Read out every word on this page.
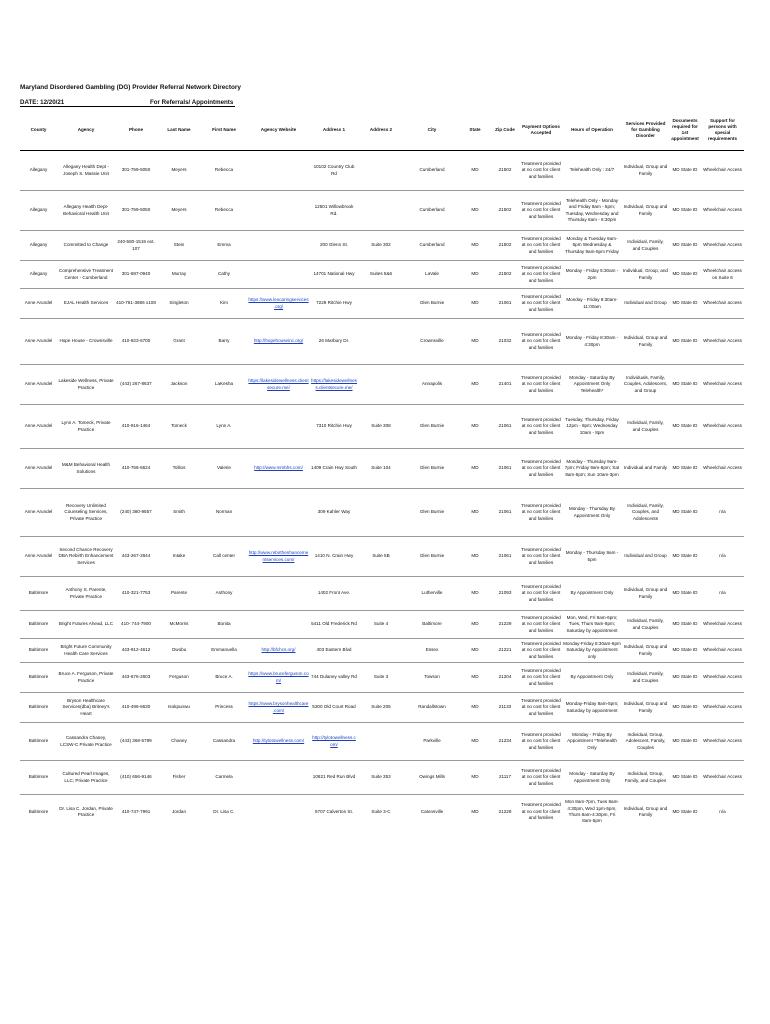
Maryland Disordered Gambling (DG) Provider Referral Network Directory
DATE: 12/20/21	For Referrals/ Appointments
County	Agency	Phone	Last Name	First Name	Agency Website	Address 1	Address 2	City	State	Zip Code	Payment Options Accepted	Hours of Operation	Services Provided for Gambling Disorder	Documents required for 1st appointment	Support for persons with special requirements
Allegany	Allegany Health Dept - Joseph S. Massie Unit	301-759-5050	Meyers	Rebecca		10102 Country Club Rd		Cumberland	MD	21502	Treatment provided at no cost for client and families	Telehealth Only : 24/7	Individual, Group and Family	MD State ID	Wheelchair Access
Allegany	Allegany Health Dept- Behavioral Health Unit	301-759-5050	Meyers	Rebecca		12501 Willowbrook Rd.		Cumberland	MD	21502	Treatment provided at no cost for client and families	Telehealth Only - Monday and Friday 8am - 5pm; Tuesday, Wednesday and Thursday 8am - 6:30pm	Individual, Group and Family	MD State ID	Wheelchair Access
Allegany	Committed to Change	240-580-1519 ext. 107	Stein	Emma		200 Glenn St.	Suite 302	Cumberland	MD	21502	Treatment provided at no cost for client and families	Monday & Tuesday 9am-6pm Wednesday & Thursday 9am-5pm Friday	Individual, Family, and Couples	MD State ID	Wheelchair Access
Allegany	Comprehensive Treatment Center - Cumberland	301-687-0940	Murray	Cathy		14701 National Hwy	Suites 5&6	LaVale	MD	21502	Treatment provided at no cost for client and families	Monday - Friday 5:30am - 2pm	Individual, Group, and Family	MD State ID	Wheelchair access on Suite 6
Anne Arundel	EJAL Health Services	410-761-3686 x108	Singleton	Kim	https://www.leocaringservices.org/	7229 Ritchie Hwy		Glen Burnie	MD	21061	Treatment provided at no cost for client and families	Monday - Friday 9:30am-11:00am	Individual and Group	MD State ID	Wheelchair access
Anne Arundel	Hope House - Crownsville	410-923-6700	Grant	Barry	http://hopehouseinc.org/	26 Marbury Dr.		Crownsville	MD	21032	Treatment provided at no cost for client and families	Monday - Friday 8:30am - 4:30pm	Individual, Group and Family	MD State ID	Wheelchair Access
Anne Arundel	Lakeside Wellness, Private Practice	(443) 267-8637	Jackson	LaKesha	https://lakesidewellness.clientsecure.me/	https://lakesidewellness.clientsecure.me/		Annapolis	MD	21401	Treatment provided at no cost for client and families	Monday - Saturday By Appointment Only Telehealth*	Individuals, Family, Couples, Adolescent, and Group	MD State ID	Wheelchair Access
Anne Arundel	Lynn A. Tomeck, Private Practice	410-916-1464	Tomeck	Lynn A.		7310 Ritchie Hwy	Suite 308	Glen Burnie	MD	21061	Treatment provided at no cost for client and families	Tuesday, Thursday, Friday 12pm - 8pm; Wednesday 10am - 8pm	Individual, Family, and Couples	MD State ID	Wheelchair Access
Anne Arundel	M&M Behavioral Health Solutions	410-766-6624	Tollios	Valerie	http://www.mmbhs.com/	1409 Crain Hwy South	Suite 104	Glen Burnie	MD	21061	Treatment provided at no cost for client and families	Monday - Thursday 9am-7pm; Friday 9am-6pm; Sat 8am-5pm; Sun 10am-3pm	Individual and Family	MD State ID	Wheelchair Access
Anne Arundel	Recovery Unlimited Counseling Services, Private Practice	(240) 380-9557	Smith	Norman		309 Kahler Way		Glen Burnie	MD	21061	Treatment provided at no cost for client and families	Monday - Thursday By Appointment Only	Individual, Family, Couples, and Adolescents	MD State ID	n/a
Anne Arundel	Second Chance Recovery DBA Rebirth Enhancement Services	443-267-2844	Intake	Call center	http://www.rebirthenhancementservices.com/	1410 N. Crain Hwy	Suite 5B	Glen Burnie	MD	21061	Treatment provided at no cost for client and families	Monday - Thursday 9am - 5pm	Individual and Group	MD State ID	n/a
Baltimore	Anthony S. Parente, Private Practice	410-321-7753	Parente	Anthony		1402 Front Ave.		Lutherville	MD	21093	Treatment provided at no cost for client and families	By Appointment Only	Individual, Group and Family	MD State ID	n/a
Baltimore	Bright Futures Ahead, LLC	410- 744-7900	McMorris	Bonita		5411 Old Frederick Rd	Suite 4	Baltimore	MD	21229	Treatment provided at no cost for client and families	Mon, Wed, Fri 9am-6pm; Tues, Thurs 9am-8pm; Saturday by appointment	Individual, Family, and Couples	MD State ID	Wheelchair Access
Baltimore	Bright Future Community Health Care Services	443-912-4612	Owobu	Emmanuella	http://bfchcs.org/	403 Eastern Blvd		Essex	MD	21221	Treatment provided at no cost for client and families	Monday-Friday 8:30am-6pm Saturday by Appointment only	Individual, Group and Family	MD State ID	Wheelchair Access
Baltimore	Bruce A. Ferguson, Private Practice	443-676-2603	Ferguson	Bruce A.	https://www.bruceferguson.com/	744 Dulaney valley Rd	Suite 3	Towson	MD	21204	Treatment provided at no cost for client and families	By Appointment Only	Individual, Family, and Couples	MD State ID	Wheelchair Access
Baltimore	Bryson Healthcare Services(dba) Britney's Heart	410-496-6630	Isokpunwu	Princess	https://www.brysonhealthcare.com/	5300 Old Court Road	Suite 205	Randallstown	MD	21133	Treatment provided at no cost for client and families	Monday-Friday 8am-5pm; Saturday by appointment	Individual, Group and Family	MD State ID	Wheelchair Access
Baltimore	Cassandra Chaney, LCSW-C Private Practice	(443) 368-5799	Chaney	Cassandra	http://tylotowellness.com/	http://tylotowellness.com/		Parkville	MD	21234	Treatment provided at no cost for client and families	Monday - Friday By Appointment *Telehealth Only	Individual, Group, Adolescent, Family, Couples	MD State ID	Wheelchair Access
Baltimore	Cultured Pearl Images, LLC; Private Practice	(410) 656-9146	Fisher	Carmela		10821 Red Run Blvd	Suite 353	Owings Mills	MD	21117	Treatment provided at no cost for client and families	Monday - Saturday By Appointment Only	Individual, Group, Family, and Couples	MD State ID	Wheelchair Access
Baltimore	Dr. Lisa C. Jordan, Private Practice	410-747-7991	Jordan	Dr. Lisa C.		5707 Calverton St.	Suite 3-C	Catonsville	MD	21228	Treatment provided at no cost for client and families	Mon 8am-7pm, Tues 8am-4:30pm, Wed 1pm-5pm, Thurs 8am-4:30pm, Fri 8am-5pm	Individual, Group and Family	MD State ID	n/a
